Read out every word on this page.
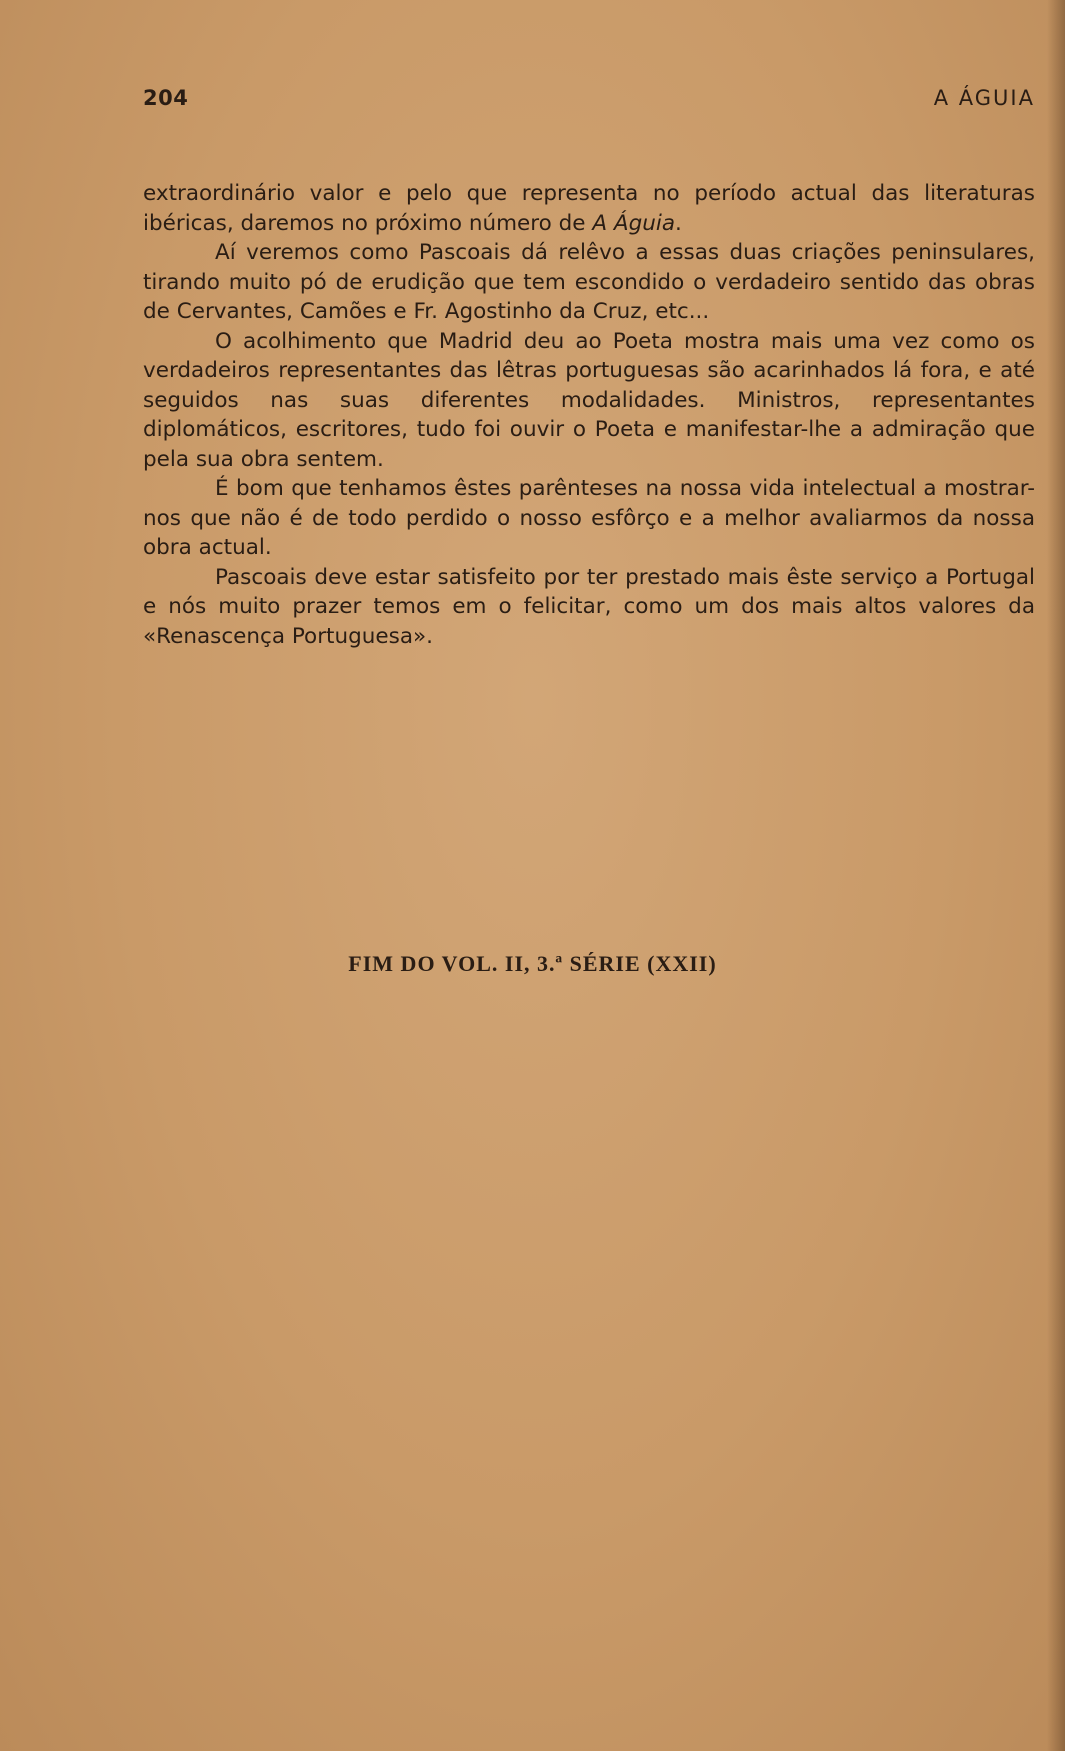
204	A ÁGUIA

extraordinário valor e pelo que representa no período actual das literaturas ibéricas, daremos no próximo número de A Águia.

Aí veremos como Pascoais dá relêvo a essas duas criações peninsulares, tirando muito pó de erudição que tem escondido o verdadeiro sentido das obras de Cervantes, Camões e Fr. Agostinho da Cruz, etc...

O acolhimento que Madrid deu ao Poeta mostra mais uma vez como os verdadeiros representantes das lêtras portuguesas são acarinhados lá fora, e até seguidos nas suas diferentes modalidades. Ministros, representantes diplomáticos, escritores, tudo foi ouvir o Poeta e manifestar-lhe a admiração que pela sua obra sentem.

É bom que tenhamos êstes parênteses na nossa vida intelectual a mostrar-nos que não é de todo perdido o nosso esfôrço e a melhor avaliarmos da nossa obra actual.

Pascoais deve estar satisfeito por ter prestado mais êste serviço a Portugal e nós muito prazer temos em o felicitar, como um dos mais altos valores da «Renascença Portuguesa».

FIM DO VOL. II, 3.ª SÉRIE (XXII)
